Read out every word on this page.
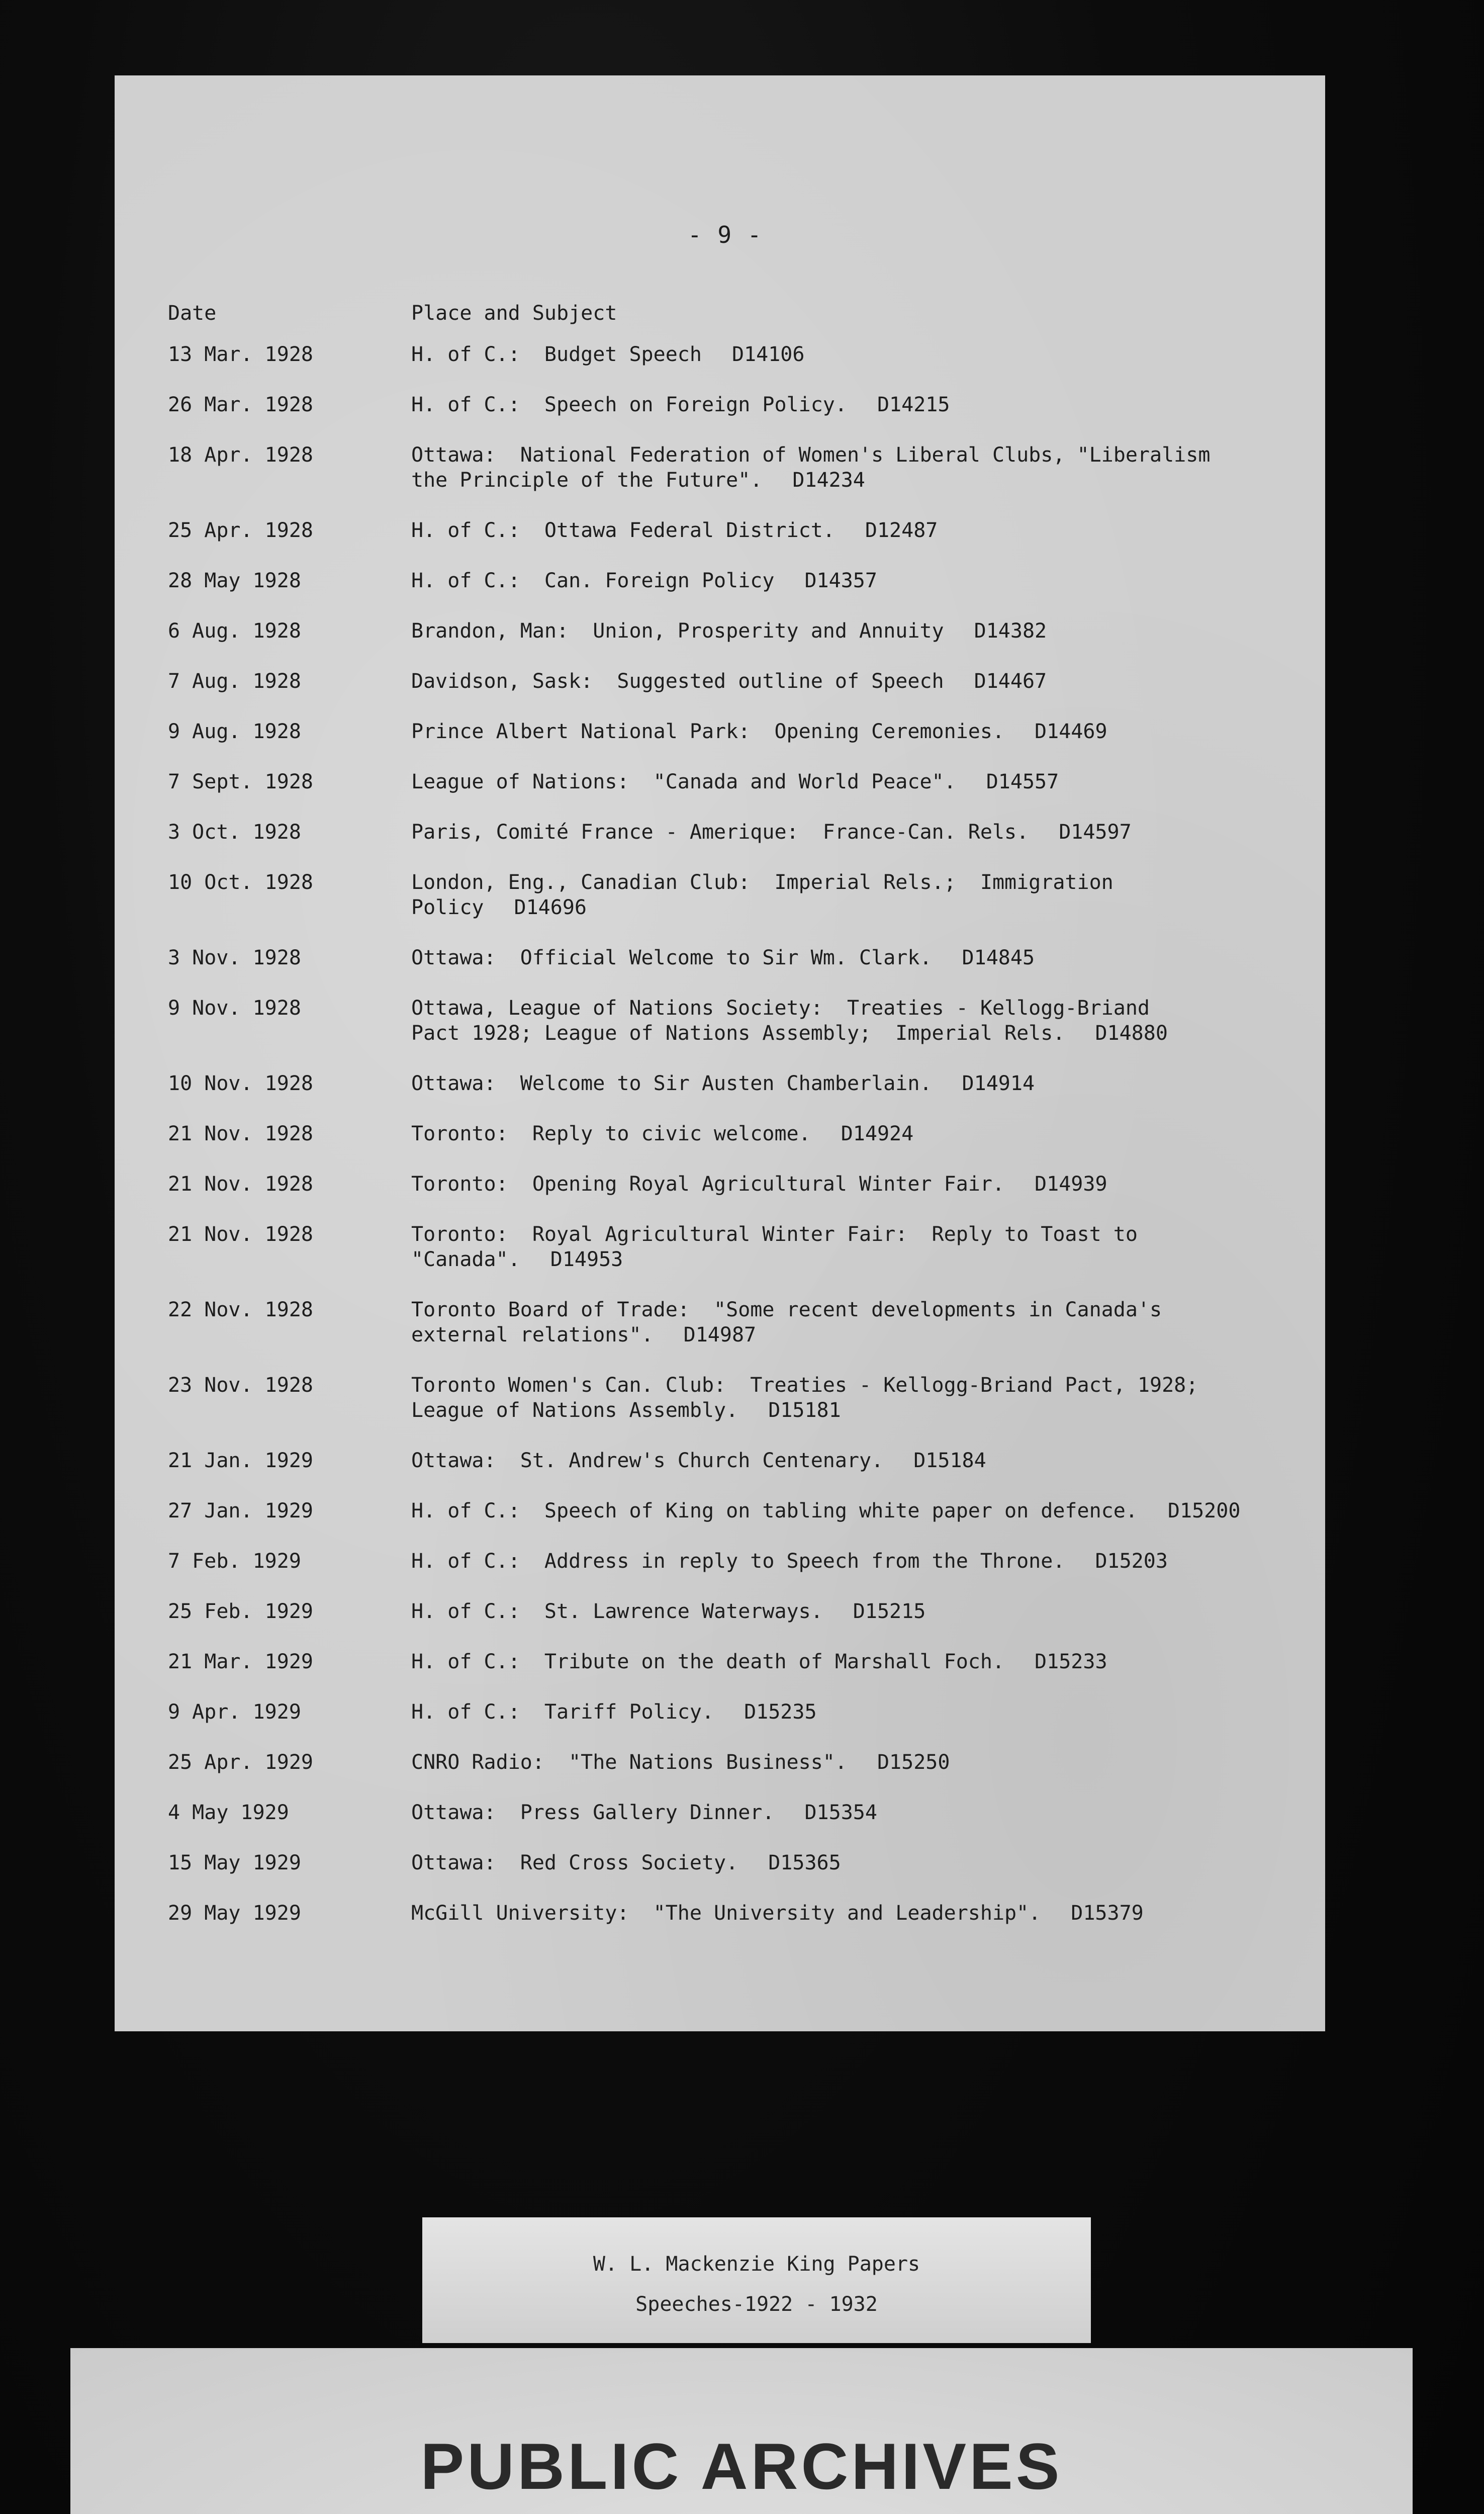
- 9 -
Date	Place and Subject
13 Mar. 1928	H. of C.:  Budget Speech D14106
26 Mar. 1928	H. of C.:  Speech on Foreign Policy. D14215
18 Apr. 1928	Ottawa:  National Federation of Women's Liberal Clubs, "Liberalism
the Principle of the Future". D14234
25 Apr. 1928	H. of C.:  Ottawa Federal District. D12487
28 May 1928	H. of C.:  Can. Foreign Policy D14357
6 Aug. 1928	Brandon, Man:  Union, Prosperity and Annuity D14382
7 Aug. 1928	Davidson, Sask:  Suggested outline of Speech D14467
9 Aug. 1928	Prince Albert National Park:  Opening Ceremonies. D14469
7 Sept. 1928	League of Nations:  "Canada and World Peace". D14557
3 Oct. 1928	Paris, Comité France - Amerique:  France-Can. Rels. D14597
10 Oct. 1928	London, Eng., Canadian Club:  Imperial Rels.;  Immigration Policy D14696
3 Nov. 1928	Ottawa:  Official Welcome to Sir Wm. Clark. D14845
9 Nov. 1928	Ottawa, League of Nations Society:  Treaties - Kellogg-Briand
Pact 1928; League of Nations Assembly;  Imperial Rels. D14880
10 Nov. 1928	Ottawa:  Welcome to Sir Austen Chamberlain. D14914
21 Nov. 1928	Toronto:  Reply to civic welcome. D14924
21 Nov. 1928	Toronto:  Opening Royal Agricultural Winter Fair. D14939
21 Nov. 1928	Toronto:  Royal Agricultural Winter Fair:  Reply to Toast to
"Canada". D14953
22 Nov. 1928	Toronto Board of Trade:  "Some recent developments in Canada's
external relations". D14987
23 Nov. 1928	Toronto Women's Can. Club:  Treaties - Kellogg-Briand Pact, 1928;
League of Nations Assembly. D15181
21 Jan. 1929	Ottawa:  St. Andrew's Church Centenary. D15184
27 Jan. 1929	H. of C.:  Speech of King on tabling white paper on defence. D15200
7 Feb. 1929	H. of C.:  Address in reply to Speech from the Throne. D15203
25 Feb. 1929	H. of C.:  St. Lawrence Waterways. D15215
21 Mar. 1929	H. of C.:  Tribute on the death of Marshall Foch. D15233
9 Apr. 1929	H. of C.:  Tariff Policy. D15235
25 Apr. 1929	CNRO Radio:  "The Nations Business". D15250
4 May 1929	Ottawa:  Press Gallery Dinner. D15354
15 May 1929	Ottawa:  Red Cross Society. D15365
29 May 1929	McGill University:  "The University and Leadership". D15379
W. L. Mackenzie King Papers
Speeches-1922 - 1932
PUBLIC ARCHIVES
